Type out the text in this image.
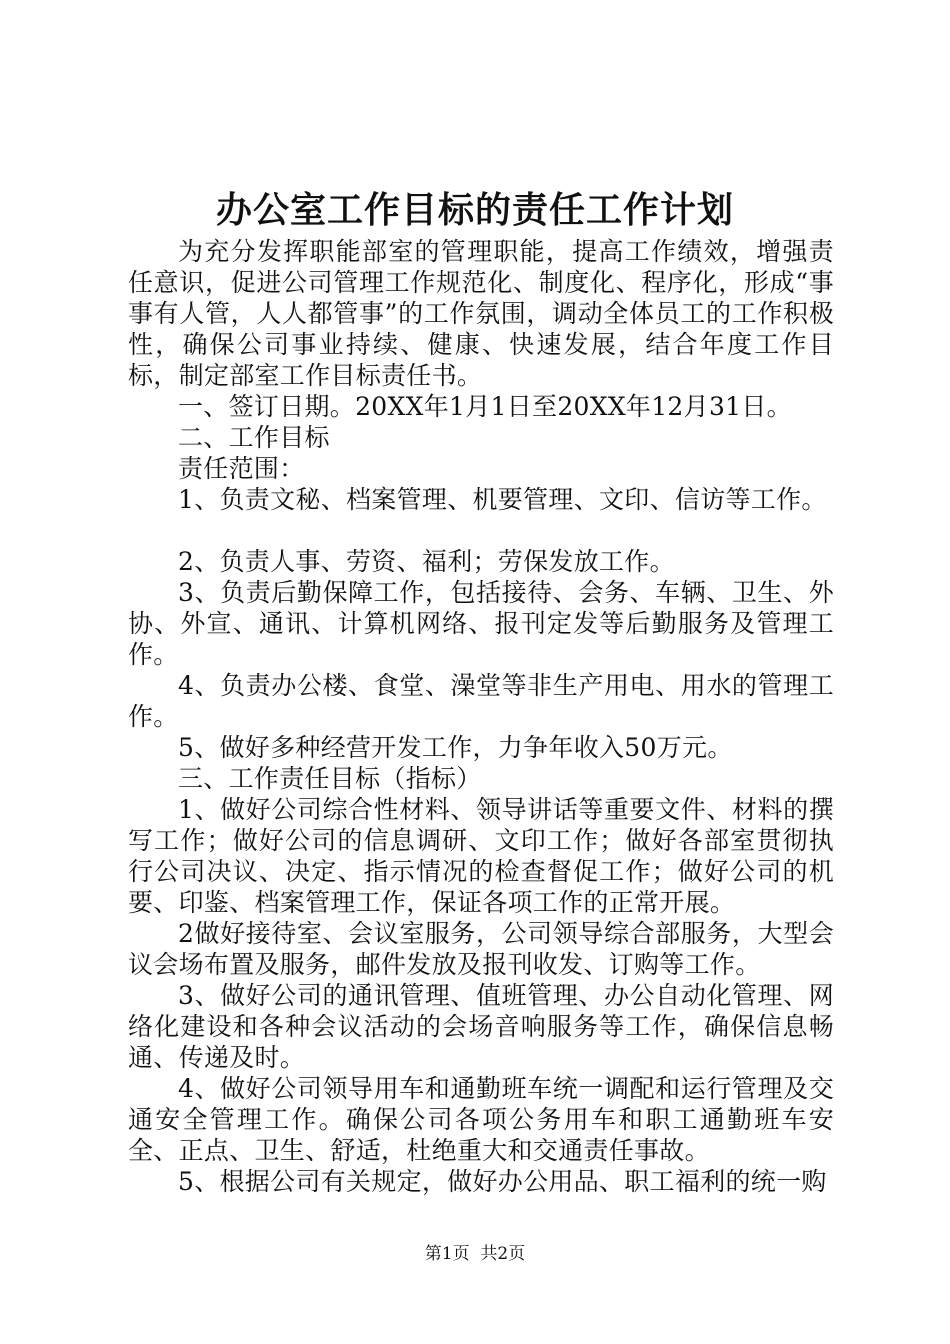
办公室工作目标的责任工作计划

为充分发挥职能部室的管理职能，提高工作绩效，增强责任意识，促进公司管理工作规范化、制度化、程序化，形成“事事有人管，人人都管事”的工作氛围，调动全体员工的工作积极性，确保公司事业持续、健康、快速发展，结合年度工作目标，制定部室工作目标责任书。

一、签订日期。20XX年1月1日至20XX年12月31日。

二、工作目标

责任范围：

1、负责文秘、档案管理、机要管理、文印、信访等工作。

2、负责人事、劳资、福利；劳保发放工作。

3、负责后勤保障工作，包括接待、会务、车辆、卫生、外协、外宣、通讯、计算机网络、报刊定发等后勤服务及管理工作。

4、负责办公楼、食堂、澡堂等非生产用电、用水的管理工作。

5、做好多种经营开发工作，力争年收入50万元。

三、工作责任目标（指标）

1、做好公司综合性材料、领导讲话等重要文件、材料的撰写工作；做好公司的信息调研、文印工作；做好各部室贯彻执行公司决议、决定、指示情况的检查督促工作；做好公司的机要、印鉴、档案管理工作，保证各项工作的正常开展。

2做好接待室、会议室服务，公司领导综合部服务，大型会议会场布置及服务，邮件发放及报刊收发、订购等工作。

3、做好公司的通讯管理、值班管理、办公自动化管理、网络化建设和各种会议活动的会场音响服务等工作，确保信息畅通、传递及时。

4、做好公司领导用车和通勤班车统一调配和运行管理及交通安全管理工作。确保公司各项公务用车和职工通勤班车安全、正点、卫生、舒适，杜绝重大和交通责任事故。

5、根据公司有关规定，做好办公用品、职工福利的统一购

第1页 共2页
